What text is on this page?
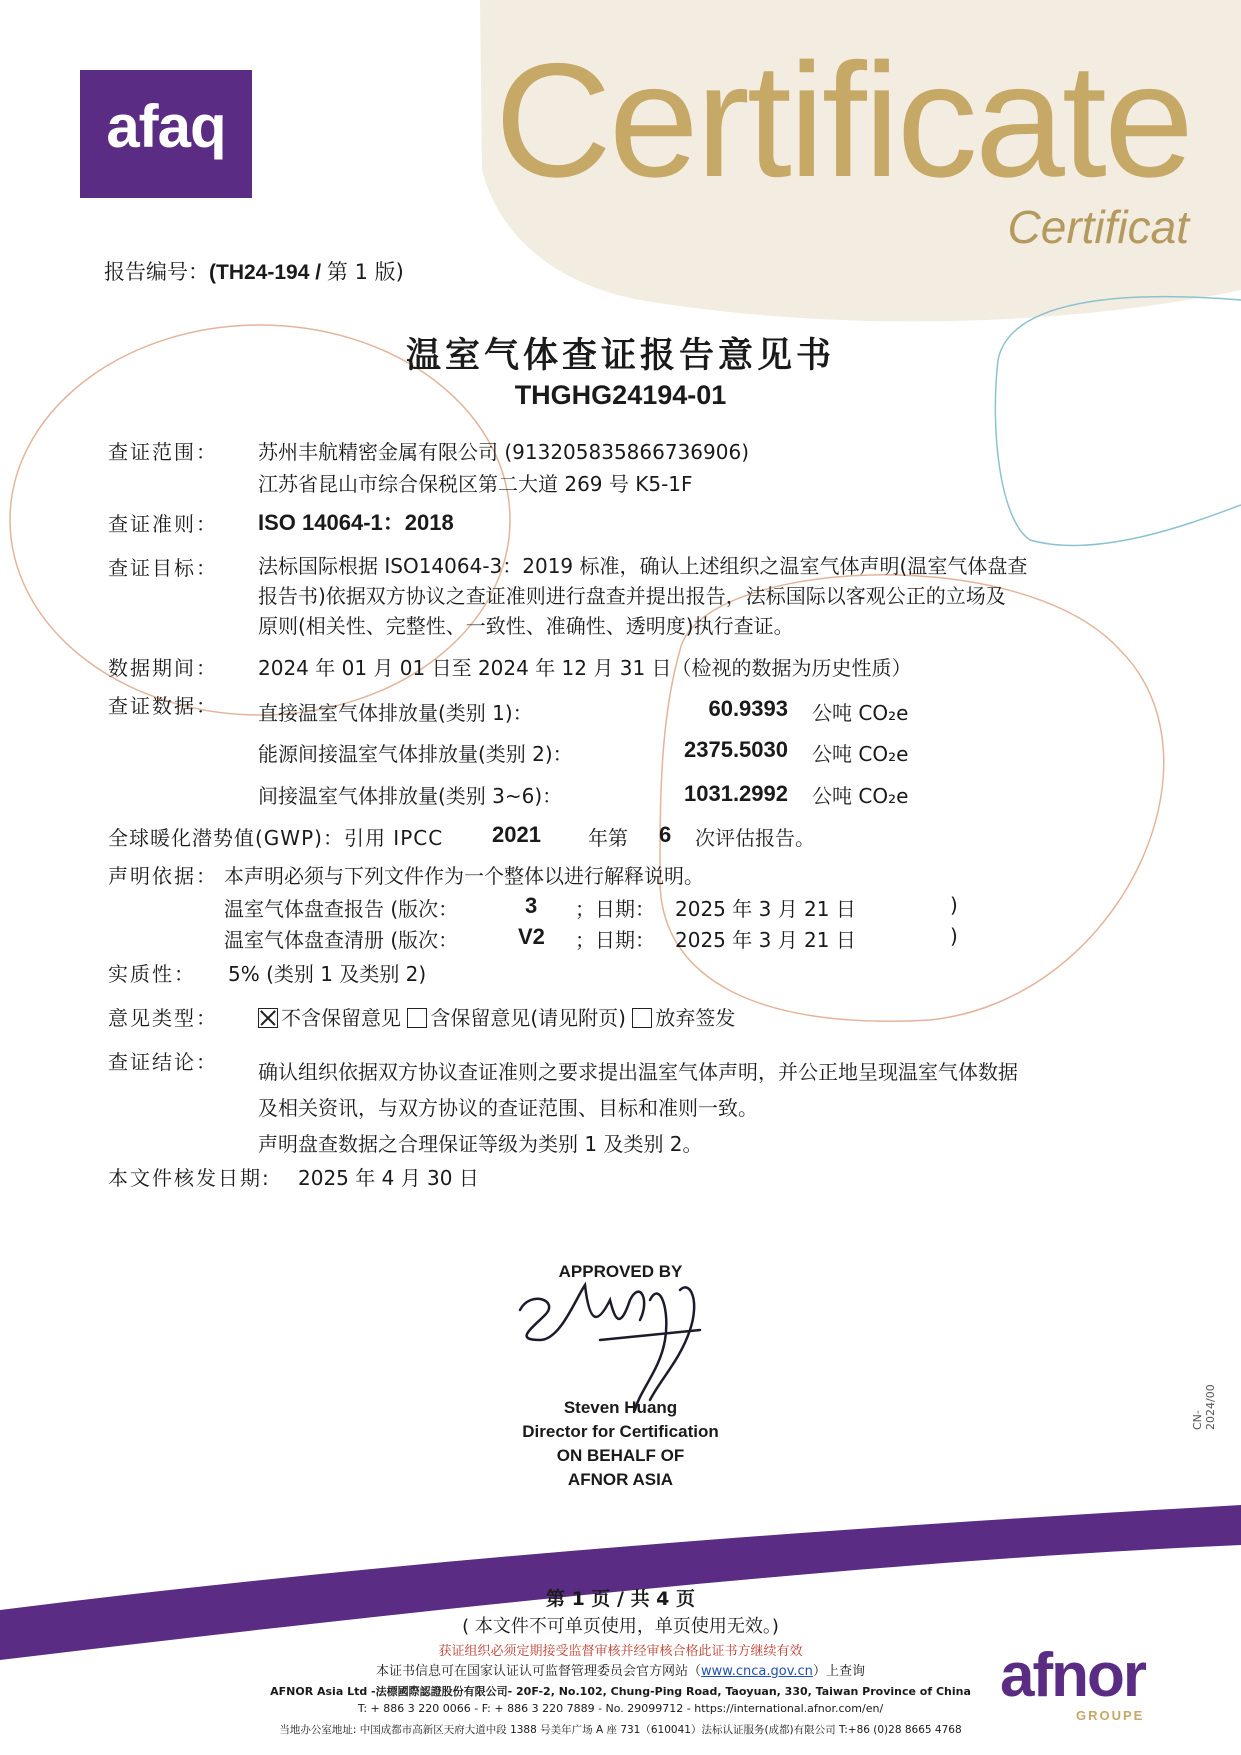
afaq Certificate
Certificat
报告编号：(TH24-194 / 第 1 版)
温室气体查证报告意见书
THGHG24194-01
查证范围： 苏州丰航精密金属有限公司 (91320583586673690​6)
江苏省昆山市综合保税区第二大道 269 号 K5-1F
查证准则： ISO 14064-1：2018
查证目标： 法标国际根据 ISO14064-3：2019 标准，确认上述组织之温室气体声明(温室气体盘查
报告书)依据双方协议之查证准则进行盘查并提出报告，法标国际以客观公正的立场及
原则(相关性、完整性、一致性、准确性、透明度)执行查证。
数据期间： 2024 年 01 月 01 日至 2024 年 12 月 31 日（检视的数据为历史性质）
查证数据： 直接温室气体排放量(类别 1)：	60.9393 公吨 CO₂e
能源间接温室气体排放量(类别 2)：	2375.5030 公吨 CO₂e
间接温室气体排放量(类别 3~6)：	1031.2992 公吨 CO₂e
全球暖化潜势值(GWP)：引用 IPCC 2021 年第 6 次评估报告。
声明依据： 本声明必须与下列文件作为一个整体以进行解释说明。
温室气体盘查报告 (版次：	3 ；日期： 2025 年 3 月 21 日	)
温室气体盘查清册 (版次：	V2 ；日期： 2025 年 3 月 21 日	)
实质性： 5% (类别 1 及类别 2)
意见类型：	不含保留意见 含保留意见(请见附页) 放弃签发
查证结论： 确认组织依据双方协议查证准则之要求提出温室气体声明，并公正地呈现温室气体数据
及相关资讯，与双方协议的查证范围、目标和准则一致。
声明盘查数据之合理保证等级为类别 1 及类别 2。
本文件核发日期: 2025 年 4 月 30 日
APPROVED BY
Steven Huang
Director for Certification
ON BEHALF OF
AFNOR ASIA
CN-2024/00
第 1 页 / 共 4 页
( 本文件不可单页使用，单页使用无效。)
获证组织必须定期接受监督审核并经审核合格此证书方继续有效
本证书信息可在国家认证认可监督管理委员会官方网站（www.cnca.gov.cn）上查询
AFNOR Asia Ltd -法標國際認證股份有限公司- 20F-2, No.102, Chung-Ping Road, Taoyuan, 330, Taiwan Province of China
T: + 886 3 220 0066 - F: + 886 3 220 7889 - No. 29099712 - https://international.afnor.com/en/
当地办公室地址: 中国成都市高新区天府大道中段 1388 号美年广场 A 座 731（610041）法标认证服务(成都)有限公司 T:+86 (0)28 8665 4768
afnor
GROUPE
